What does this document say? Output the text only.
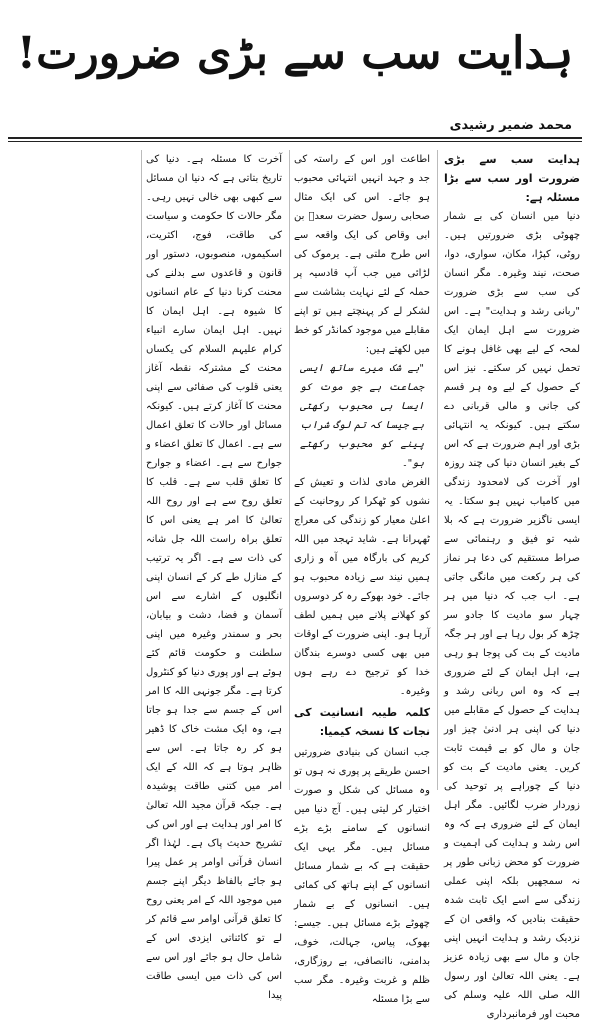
ہدایت سب سے بڑی ضرورت!
محمد ضمیر رشیدی

ہدایت سب سے بڑی ضرورت اور سب سے بڑا مسئلہ ہے:

دنیا میں انسان کی بے شمار چھوٹی بڑی ضرورتیں ہیں۔ روٹی، کپڑا، مکان، سواری، دوا، صحت، نیند وغیرہ۔ مگر انسان کی سب سے بڑی ضرورت "ربانی رشد و ہدایت" ہے۔ اس ضرورت سے اہل ایمان ایک لمحہ کے لیے بھی غافل ہونے کا تحمل نہیں کر سکتے۔ نیز اس کے حصول کے لیے وہ ہر قسم کی جانی و مالی قربانی دے سکتے ہیں۔ کیونکہ یہ انتہائی بڑی اور اہم ضرورت ہے کہ اس کے بغیر انسان دنیا کی چند روزہ اور آخرت کی لامحدود زندگی میں کامیاب نہیں ہو سکتا۔ یہ ایسی ناگزیر ضرورت ہے کہ بلا شبہ تو فیق و رہنمائی سے صراط مستقیم کی دعا ہر نماز کی ہر رکعت میں مانگی جاتی ہے۔ اب جب کہ دنیا میں ہر چہار سو مادیت کا جادو سر چڑھ کر بول رہا ہے اور ہر جگہ مادیت کے بت کی پوجا ہو رہی ہے، اہل ایمان کے لئے ضروری ہے کہ وہ اس ربانی رشد و ہدایت کے حصول کے مقابلے میں دنیا کی اپنی ہر ادنیٰ چیز اور جان و مال کو بے قیمت ثابت کریں۔ یعنی مادیت کے بت کو دنیا کے چوراہے پر توحید کی زوردار ضرب لگائیں۔ مگر اہل ایمان کے لئے ضروری ہے کہ وہ اس رشد و ہدایت کی اہمیت و ضرورت کو محض زبانی طور پر نہ سمجھیں بلکہ اپنی عملی زندگی سے اسے ایک ثابت شدہ حقیقت بنادیں کہ واقعی ان کے نزدیک رشد و ہدایت انہیں اپنی جان و مال سے بھی زیادہ عزیز ہے۔ یعنی اللہ تعالیٰ اور رسول اللہ صلی اللہ علیہ وسلم کی محبت اور فرمانبرداری

اطاعت اور اس کے راستہ کی جد و جہد انہیں انتہائی محبوب ہو جائے۔ اس کی ایک مثال صحابی رسول حضرت سعدؓ بن ابی وقاص کی ایک واقعہ سے اس طرح ملتی ہے۔ یرموک کی لڑائی میں جب آپ قادسیہ پر حملہ کے لئے نہایت بشاشت سے لشکر لے کر پہنچتے ہیں تو اپنے مقابلے میں موجود کمانڈر کو خط میں لکھتے ہیں:

"بے شک میرے ساتھ ایسی جماعت ہے جو موت کو ایسا ہی محبوب رکھتی ہے جیسا کہ تم لوگ شراب پینے کو محبوب رکھتے ہو"۔

الغرض مادی لذات و تعیش کے نشوں کو ٹھکرا کر روحانیت کے اعلیٰ معیار کو زندگی کی معراج ٹھہرانا ہے۔ شاید تہجد میں اللہ کریم کی بارگاہ میں آہ و زاری ہمیں نیند سے زیادہ محبوب ہو جائے۔ خود بھوکے رہ کر دوسروں کو کھلانے پلانے میں ہمیں لطف آرہا ہو۔ اپنی ضرورت کے اوقات میں بھی کسی دوسرے بندگان خدا کو ترجیح دے رہے ہوں وغیرہ۔

کلمہ طیبہ انسانیت کی نجات کا نسخہ کیمیا:

جب انسان کی بنیادی ضرورتیں احسن طریقے پر پوری نہ ہوں تو وہ مسائل کی شکل و صورت اختیار کر لیتی ہیں۔ آج دنیا میں انسانوں کے سامنے بڑے بڑے مسائل ہیں۔ مگر یہی ایک حقیقت ہے کہ بے شمار مسائل انسانوں کے اپنے ہاتھ کی کمائی ہیں۔ انسانوں کے بے شمار چھوٹے بڑے مسائل ہیں۔ جیسے: بھوک، پیاس، جہالت، خوف، بدامنی، ناانصافی، بے روزگاری، ظلم و غربت وغیرہ۔ مگر سب سے بڑا مسئلہ

آخرت کا مسئلہ ہے۔ دنیا کی تاریخ بتاتی ہے کہ دنیا ان مسائل سے کبھی بھی خالی نہیں رہی۔ مگر حالات کا حکومت و سیاست کی طاقت، فوج، اکثریت، اسکیموں، منصوبوں، دستور اور قانون و قاعدوں سے بدلنے کی محنت کرنا دنیا کے عام انسانوں کا شیوہ ہے۔ اہل ایمان کا نہیں۔ اہل ایمان سارے انبیاء کرام علیہم السلام کی یکساں محنت کے مشترکہ نقطہ آغاز یعنی قلوب کی صفائی سے اپنی محنت کا آغاز کرتے ہیں۔ کیونکہ مسائل اور حالات کا تعلق اعمال سے ہے۔ اعمال کا تعلق اعضاء و جوارح سے ہے۔ اعضاء و جوارح کا تعلق قلب سے ہے۔ قلب کا تعلق روح سے ہے اور روح اللہ تعالیٰ کا امر ہے یعنی اس کا تعلق براہ راست اللہ جل شانہ کی ذات سے ہے۔ اگر یہ ترتیب کے منازل طے کر کے انسان اپنی انگلیوں کے اشارے سے اس آسمان و فضا، دشت و بیابان، بحر و سمندر وغیرہ میں اپنی سلطنت و حکومت قائم کئے ہوئے ہے اور پوری دنیا کو کنٹرول کرتا ہے۔ مگر جونہی اللہ کا امر اس کے جسم سے جدا ہو جاتا ہے، وہ ایک مشت خاک کا ڈھیر ہو کر رہ جاتا ہے۔ اس سے ظاہر ہوتا ہے کہ اللہ کے ایک امر میں کتنی طاقت پوشیدہ ہے۔ جبکہ قرآن مجید اللہ تعالیٰ کا امر اور ہدایت ہے اور اس کی تشریح حدیث پاک ہے۔ لہٰذا اگر انسان قرآنی اوامر پر عمل پیرا ہو جائے بالفاظ دیگر اپنے جسم میں موجود اللہ کے امر یعنی روح کا تعلق قرآنی اوامر سے قائم کر لے تو کائناتی ایزدی اس کے شامل حال ہو جائے اور اس سے اس کی ذات میں ایسی طاقت پیدا
